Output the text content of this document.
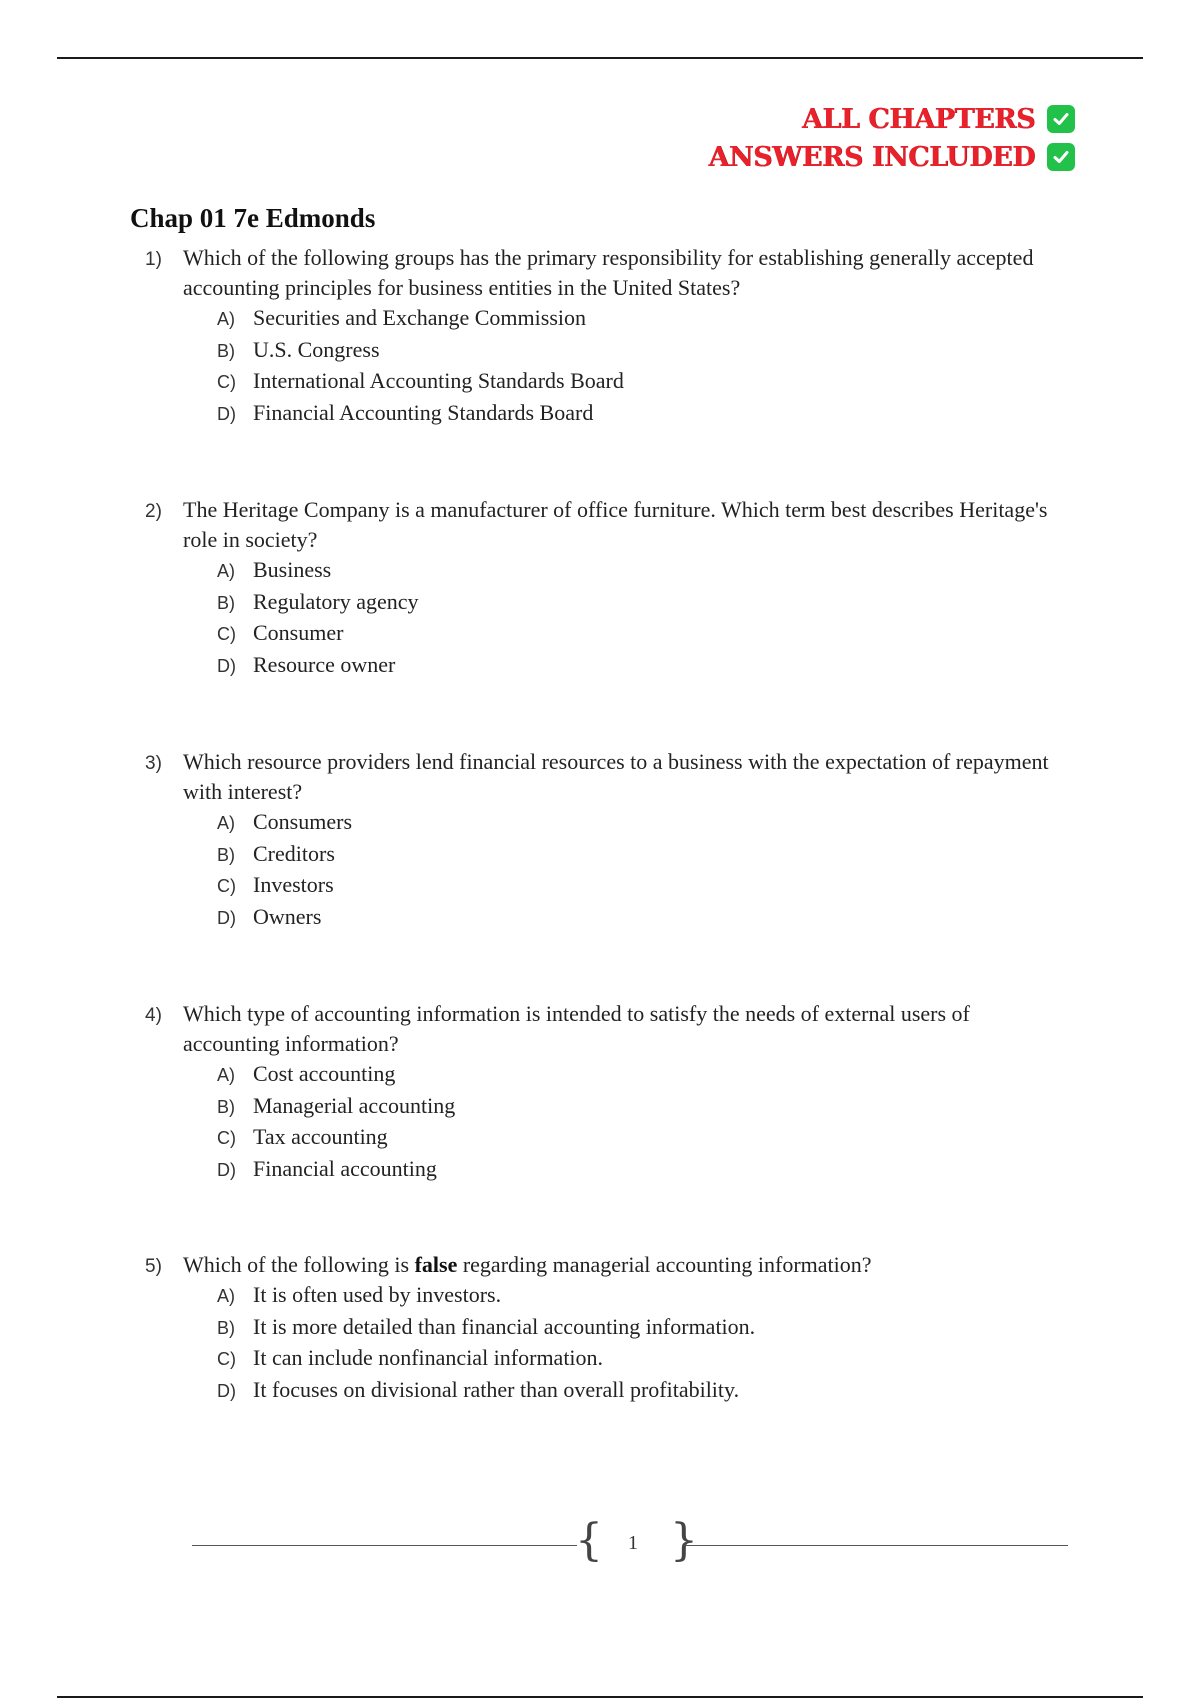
ALL CHAPTERS
ANSWERS INCLUDED
Chap 01 7e Edmonds
1) Which of the following groups has the primary responsibility for establishing generally accepted accounting principles for business entities in the United States?
A) Securities and Exchange Commission
B) U.S. Congress
C) International Accounting Standards Board
D) Financial Accounting Standards Board
2) The Heritage Company is a manufacturer of office furniture. Which term best describes Heritage's role in society?
A) Business
B) Regulatory agency
C) Consumer
D) Resource owner
3) Which resource providers lend financial resources to a business with the expectation of repayment with interest?
A) Consumers
B) Creditors
C) Investors
D) Owners
4) Which type of accounting information is intended to satisfy the needs of external users of accounting information?
A) Cost accounting
B) Managerial accounting
C) Tax accounting
D) Financial accounting
5) Which of the following is false regarding managerial accounting information?
A) It is often used by investors.
B) It is more detailed than financial accounting information.
C) It can include nonfinancial information.
D) It focuses on divisional rather than overall profitability.
{ 1 }
